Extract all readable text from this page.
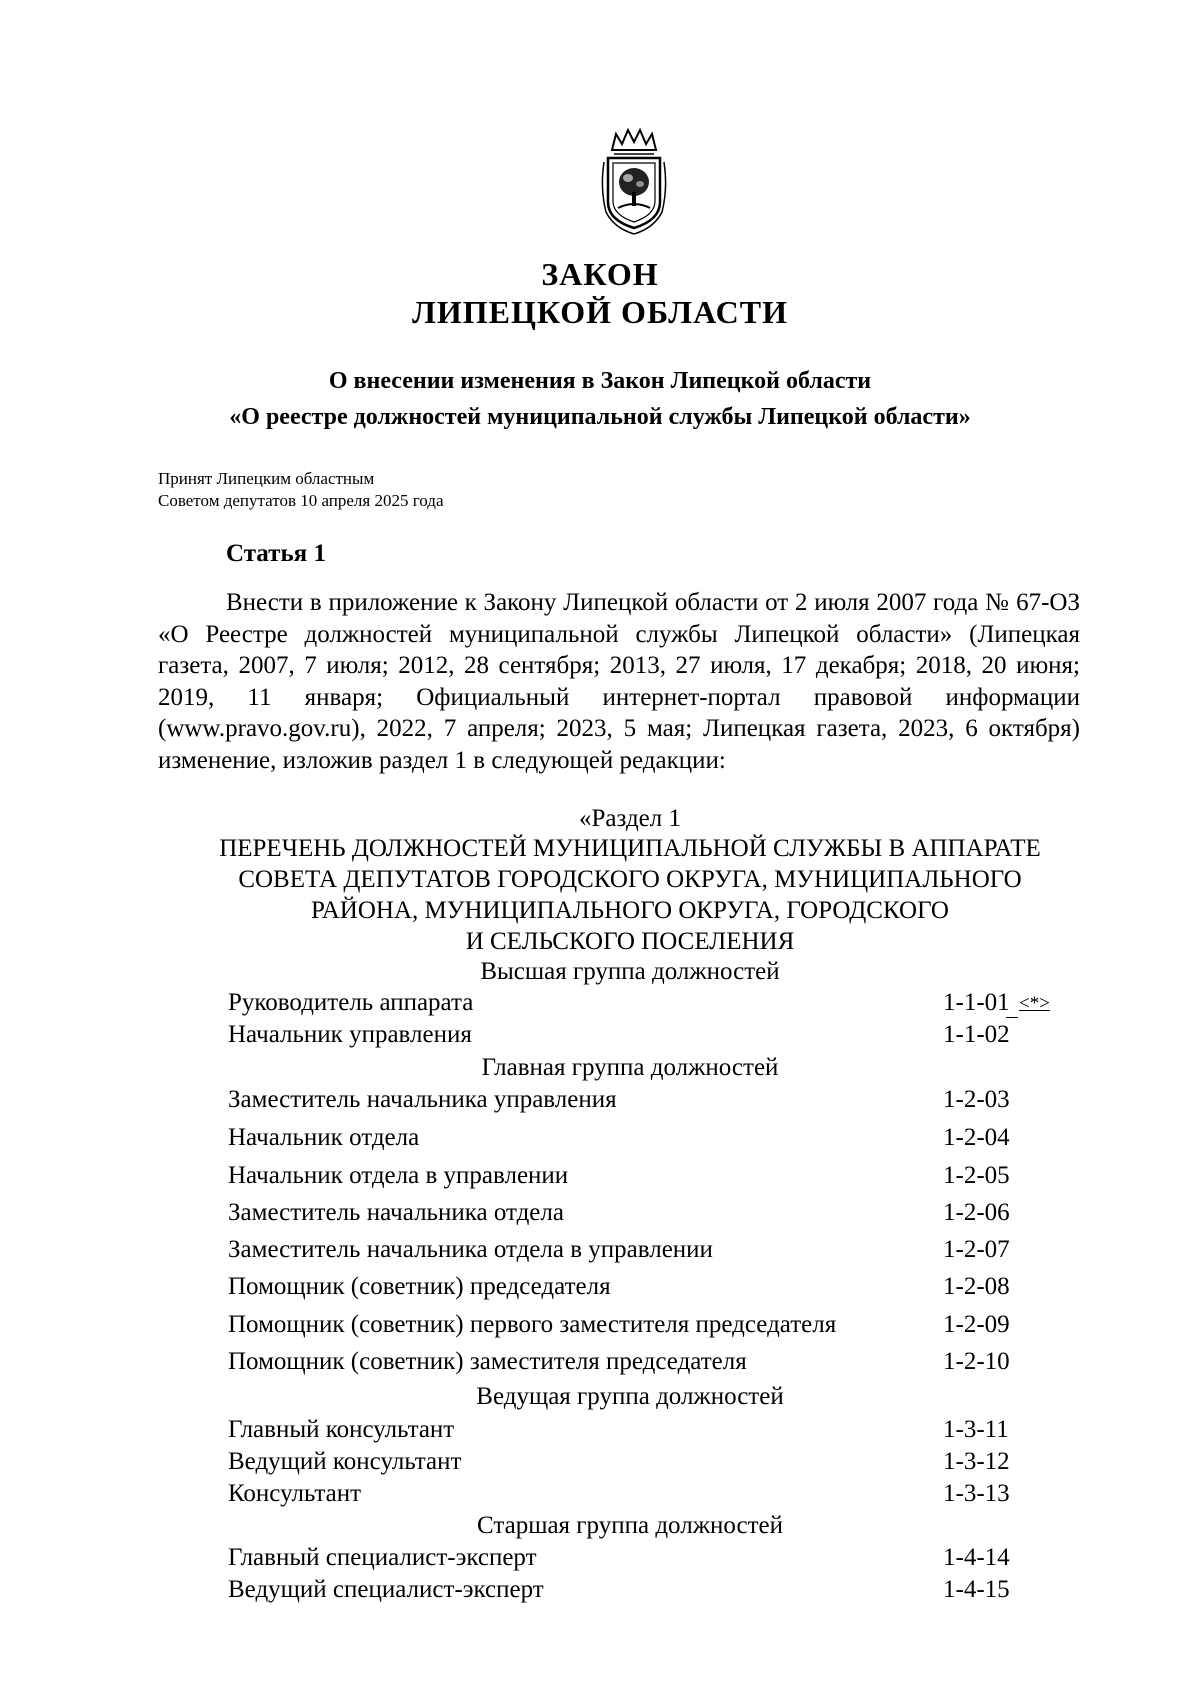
ЗАКОН
ЛИПЕЦКОЙ ОБЛАСТИ
О внесении изменения в Закон Липецкой области
«О реестре должностей муниципальной службы Липецкой области»
Принят Липецким областным
Советом депутатов 10 апреля 2025 года
Статья 1
Внести в приложение к Закону Липецкой области от 2 июля 2007 года № 67-ОЗ «О Реестре должностей муниципальной службы Липецкой области» (Липецкая газета, 2007, 7 июля; 2012, 28 сентября; 2013, 27 июля, 17 декабря; 2018, 20 июня; 2019, 11 января; Официальный интернет-портал правовой информации (www.pravo.gov.ru), 2022, 7 апреля; 2023, 5 мая; Липецкая газета, 2023, 6 октября) изменение, изложив раздел 1 в следующей редакции:
«Раздел 1
ПЕРЕЧЕНЬ ДОЛЖНОСТЕЙ МУНИЦИПАЛЬНОЙ СЛУЖБЫ В АППАРАТЕ
СОВЕТА ДЕПУТАТОВ ГОРОДСКОГО ОКРУГА, МУНИЦИПАЛЬНОГО
РАЙОНА, МУНИЦИПАЛЬНОГО ОКРУГА, ГОРОДСКОГО
И СЕЛЬСКОГО ПОСЕЛЕНИЯ
Высшая группа должностей
Руководитель аппарата	1-1-01 <*>
Начальник управления	1-1-02
Главная группа должностей
Заместитель начальника управления	1-2-03
Начальник отдела	1-2-04
Начальник отдела в управлении	1-2-05
Заместитель начальника отдела	1-2-06
Заместитель начальника отдела в управлении	1-2-07
Помощник (советник) председателя	1-2-08
Помощник (советник) первого заместителя председателя	1-2-09
Помощник (советник) заместителя председателя	1-2-10
Ведущая группа должностей
Главный консультант	1-3-11
Ведущий консультант	1-3-12
Консультант	1-3-13
Старшая группа должностей
Главный специалист-эксперт	1-4-14
Ведущий специалист-эксперт	1-4-15
